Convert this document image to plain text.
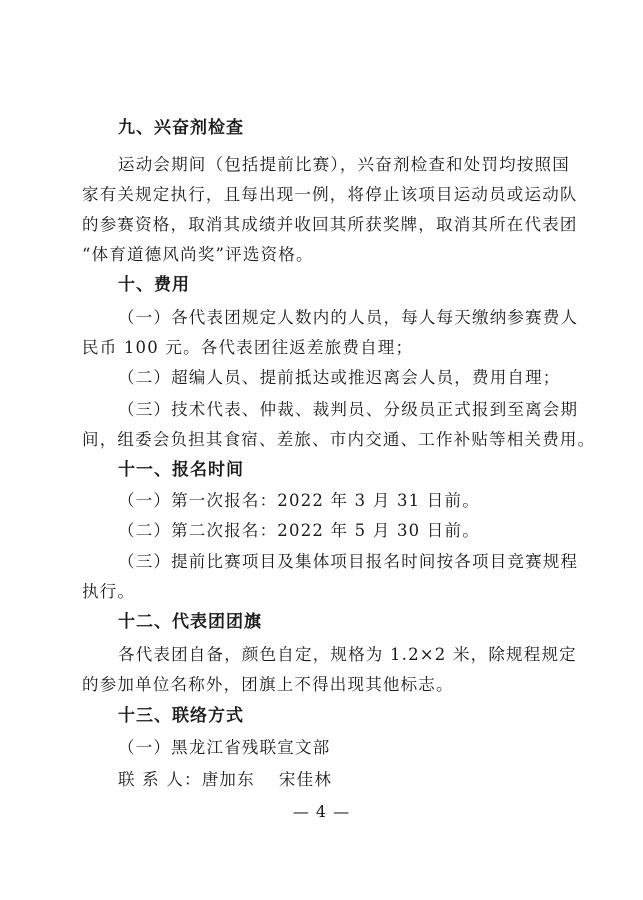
九、兴奋剂检查
运动会期间（包括提前比赛），兴奋剂检查和处罚均按照国
家有关规定执行，且每出现一例，将停止该项目运动员或运动队
的参赛资格，取消其成绩并收回其所获奖牌，取消其所在代表团
“体育道德风尚奖”评选资格。
十、费用
（一）各代表团规定人数内的人员，每人每天缴纳参赛费人
民币 100 元。各代表团往返差旅费自理；
（二）超编人员、提前抵达或推迟离会人员，费用自理；
（三）技术代表、仲裁、裁判员、分级员正式报到至离会期
间，组委会负担其食宿、差旅、市内交通、工作补贴等相关费用。
十一、报名时间
（一）第一次报名：2022 年 3 月 31 日前。
（二）第二次报名：2022 年 5 月 30 日前。
（三）提前比赛项目及集体项目报名时间按各项目竞赛规程
执行。
十二、代表团团旗
各代表团自备，颜色自定，规格为 1.2×2 米，除规程规定
的参加单位名称外，团旗上不得出现其他标志。
十三、联络方式
（一）黑龙江省残联宣文部
联 系 人：唐加东　 宋佳林
— 4 —
